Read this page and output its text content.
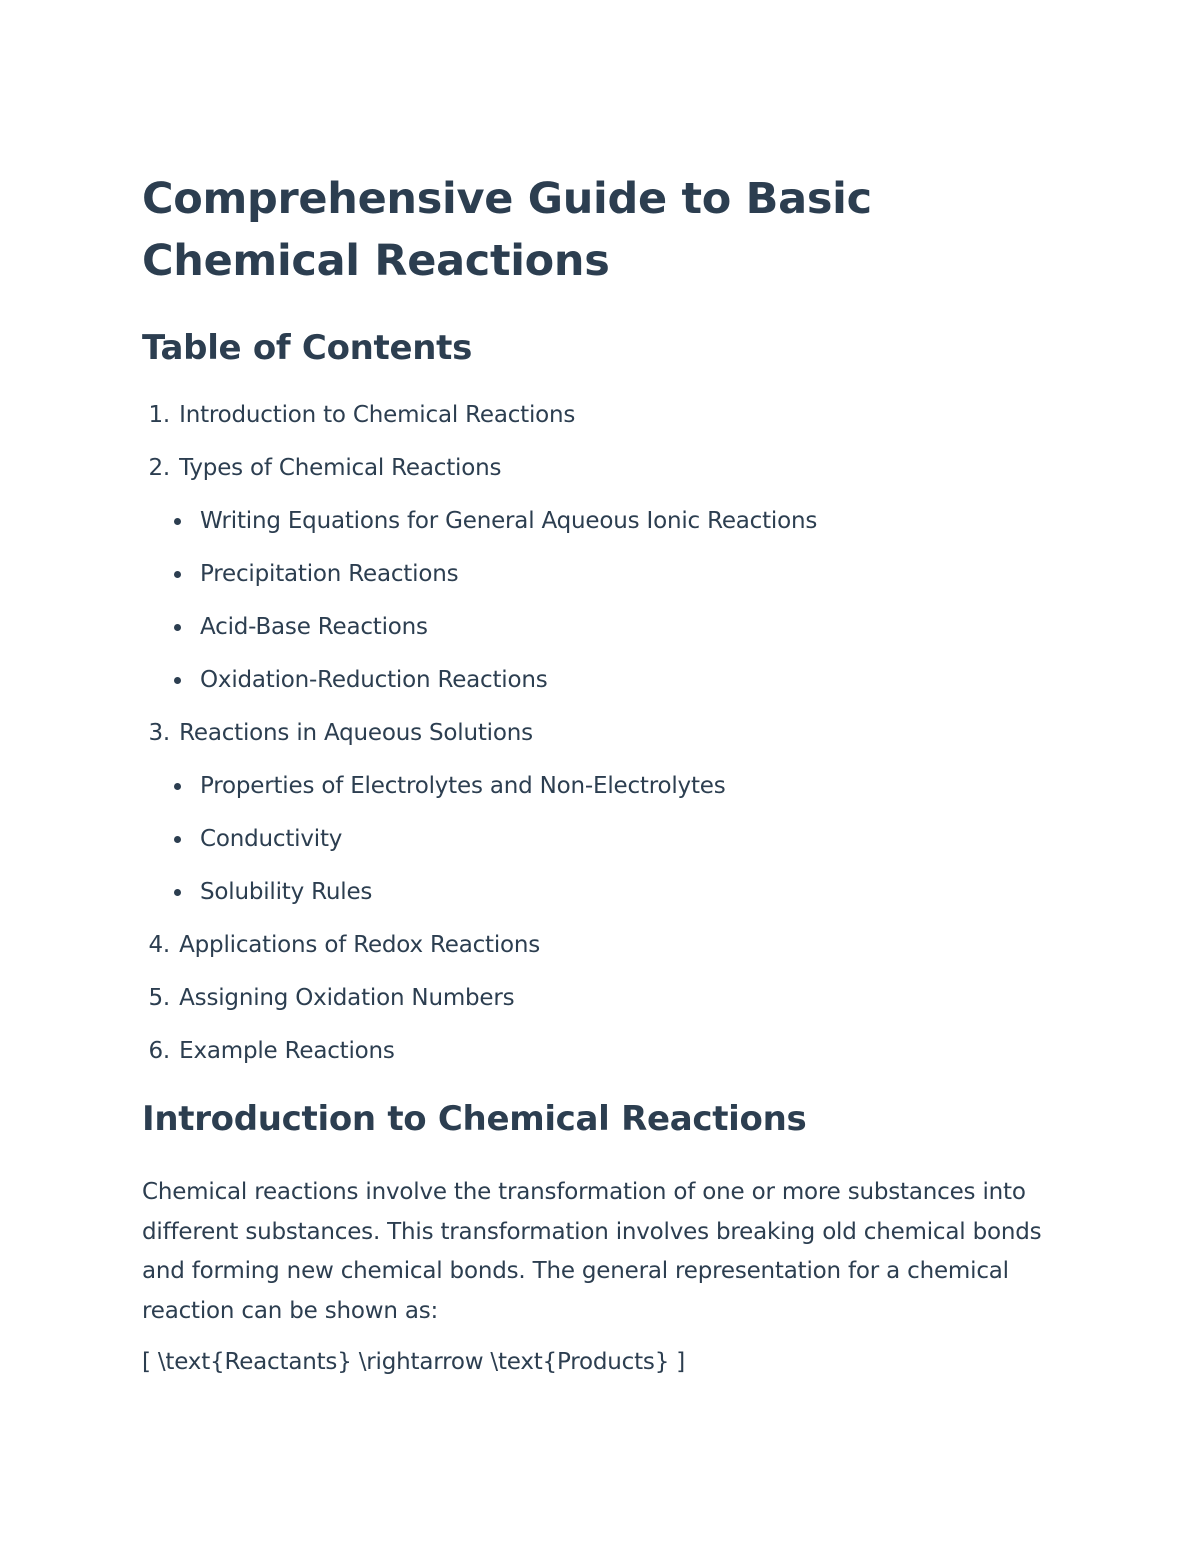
Comprehensive Guide to Basic Chemical Reactions
Table of Contents
1. Introduction to Chemical Reactions
2. Types of Chemical Reactions
Writing Equations for General Aqueous Ionic Reactions
Precipitation Reactions
Acid-Base Reactions
Oxidation-Reduction Reactions
3. Reactions in Aqueous Solutions
Properties of Electrolytes and Non-Electrolytes
Conductivity
Solubility Rules
4. Applications of Redox Reactions
5. Assigning Oxidation Numbers
6. Example Reactions
Introduction to Chemical Reactions

Chemical reactions involve the transformation of one or more substances into different substances. This transformation involves breaking old chemical bonds and forming new chemical bonds. The general representation for a chemical reaction can be shown as:

[ \text{Reactants} \rightarrow \text{Products} ]
